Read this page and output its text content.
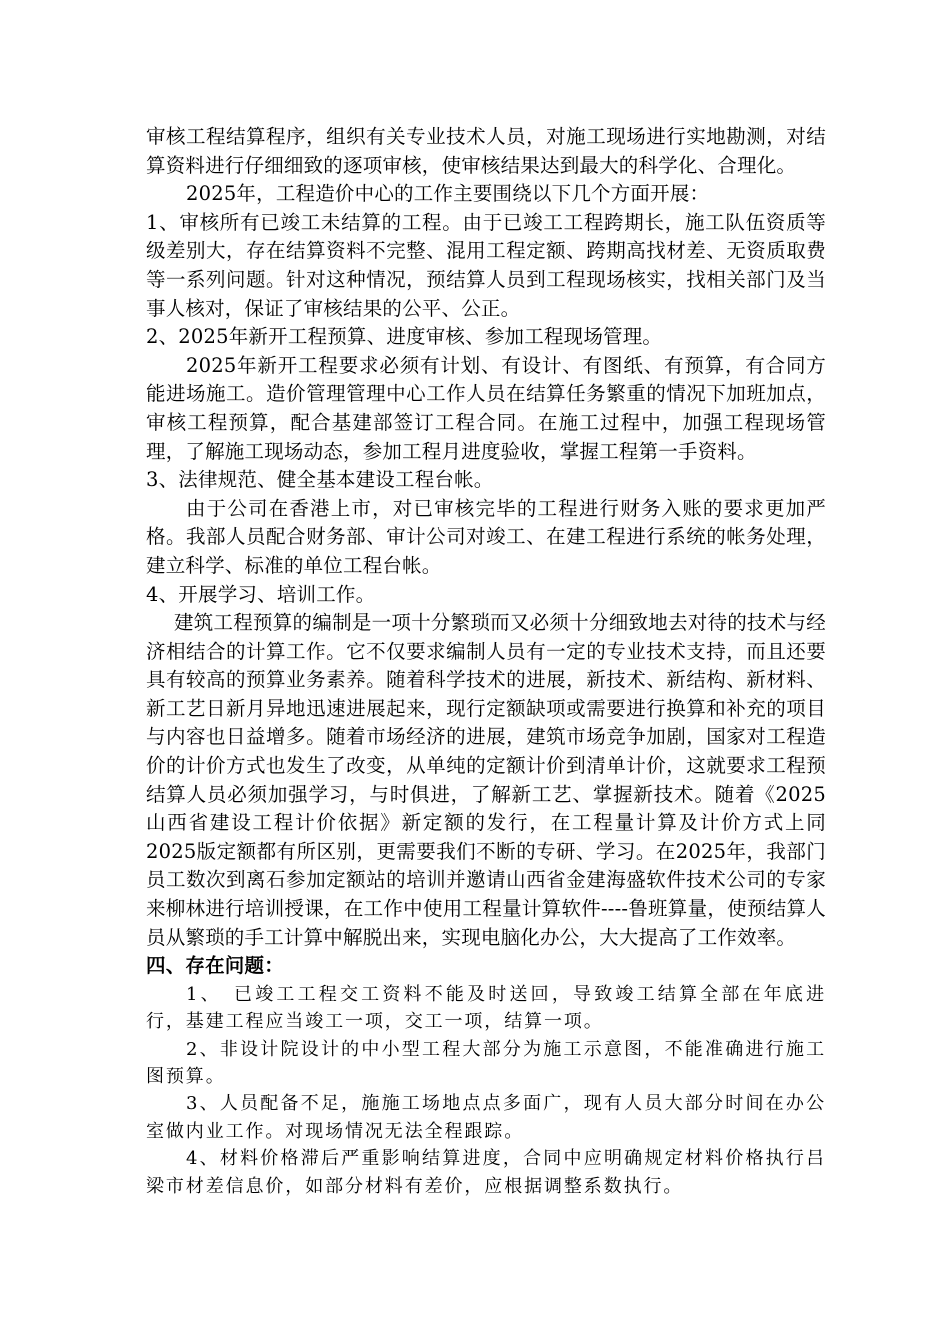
审核工程结算程序，组织有关专业技术人员，对施工现场进行实地勘测，对结算资料进行仔细细致的逐项审核，使审核结果达到最大的科学化、合理化。

2025年，工程造价中心的工作主要围绕以下几个方面开展：

1、审核所有已竣工未结算的工程。由于已竣工工程跨期长，施工队伍资质等级差别大，存在结算资料不完整、混用工程定额、跨期高找材差、无资质取费等一系列问题。针对这种情况，预结算人员到工程现场核实，找相关部门及当事人核对，保证了审核结果的公平、公正。

2、2025年新开工程预算、进度审核、参加工程现场管理。

2025年新开工程要求必须有计划、有设计、有图纸、有预算，有合同方能进场施工。造价管理管理中心工作人员在结算任务繁重的情况下加班加点，审核工程预算，配合基建部签订工程合同。在施工过程中，加强工程现场管理，了解施工现场动态，参加工程月进度验收，掌握工程第一手资料。

3、法律规范、健全基本建设工程台帐。

由于公司在香港上市，对已审核完毕的工程进行财务入账的要求更加严格。我部人员配合财务部、审计公司对竣工、在建工程进行系统的帐务处理，建立科学、标准的单位工程台帐。

4、开展学习、培训工作。

建筑工程预算的编制是一项十分繁琐而又必须十分细致地去对待的技术与经济相结合的计算工作。它不仅要求编制人员有一定的专业技术支持，而且还要具有较高的预算业务素养。随着科学技术的进展，新技术、新结构、新材料、新工艺日新月异地迅速进展起来，现行定额缺项或需要进行换算和补充的项目与内容也日益增多。随着市场经济的进展，建筑市场竞争加剧，国家对工程造价的计价方式也发生了改变，从单纯的定额计价到清单计价，这就要求工程预结算人员必须加强学习，与时俱进，了解新工艺、掌握新技术。随着《2025山西省建设工程计价依据》新定额的发行，在工程量计算及计价方式上同2025版定额都有所区别，更需要我们不断的专研、学习。在2025年，我部门员工数次到离石参加定额站的培训并邀请山西省金建海盛软件技术公司的专家来柳林进行培训授课，在工作中使用工程量计算软件----鲁班算量，使预结算人员从繁琐的手工计算中解脱出来，实现电脑化办公，大大提高了工作效率。

四、存在问题：

1、　已竣工工程交工资料不能及时送回，导致竣工结算全部在年底进行，基建工程应当竣工一项，交工一项，结算一项。

2、非设计院设计的中小型工程大部分为施工示意图，不能准确进行施工图预算。

3、人员配备不足，施施工场地点点多面广，现有人员大部分时间在办公室做内业工作。对现场情况无法全程跟踪。

4、材料价格滞后严重影响结算进度，合同中应明确规定材料价格执行吕梁市材差信息价，如部分材料有差价，应根据调整系数执行。
